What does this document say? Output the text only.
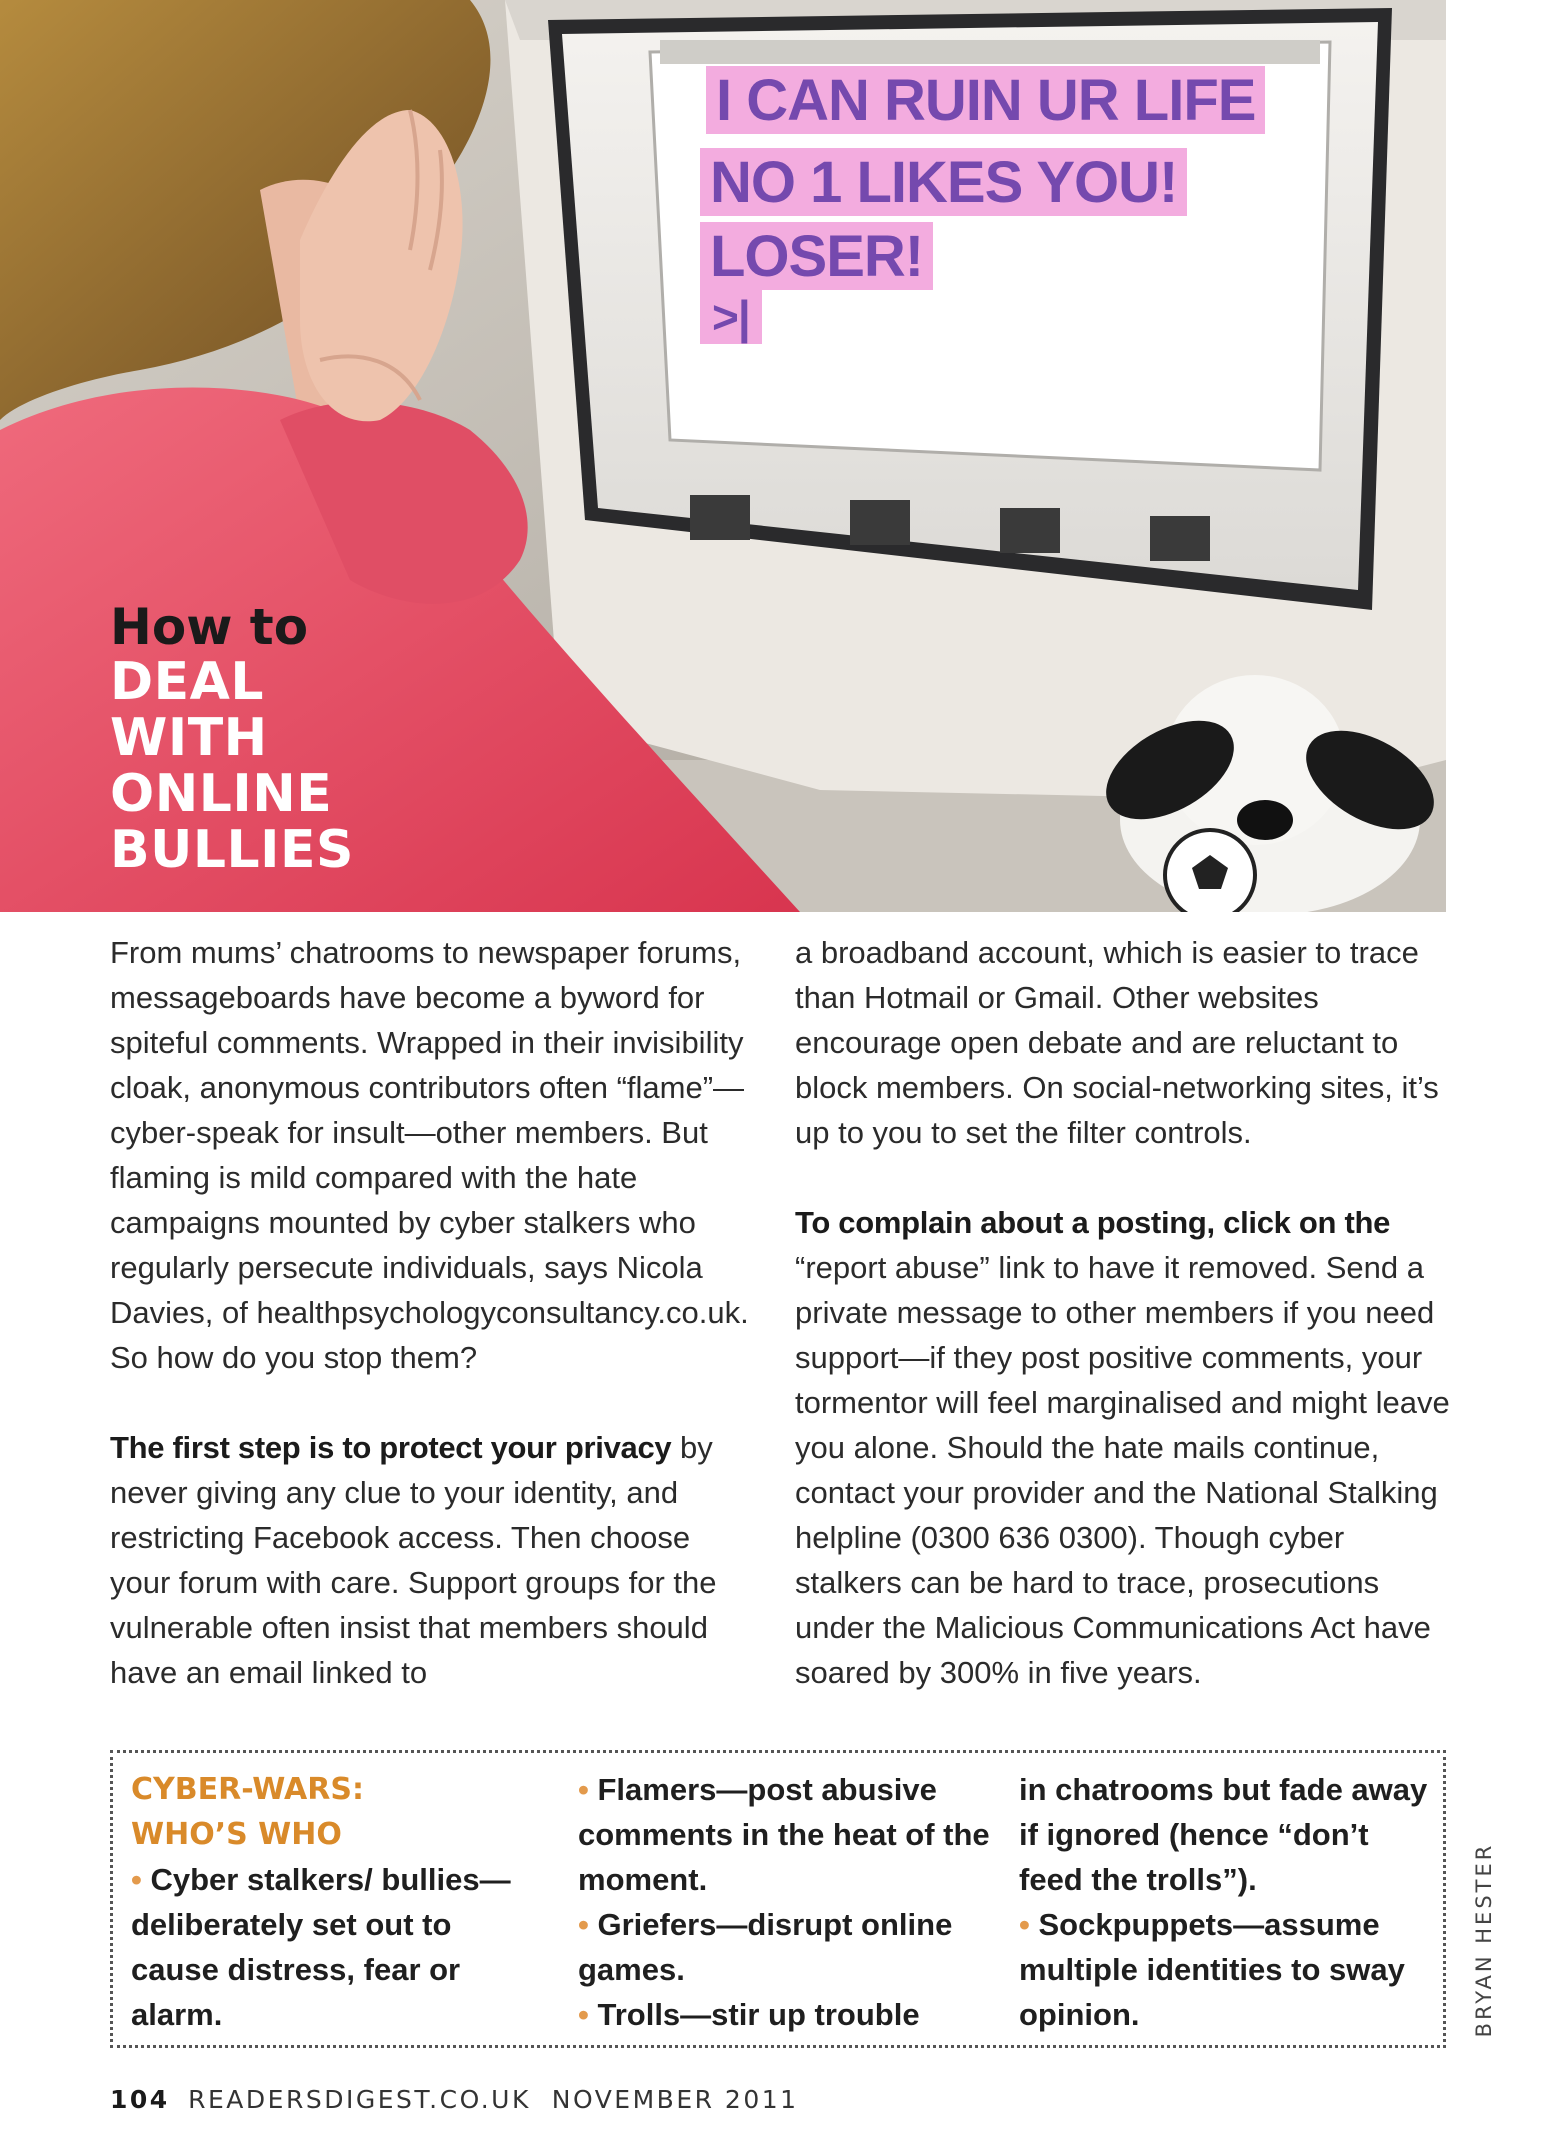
I CAN RUIN UR LIFE
NO 1 LIKES YOU!
LOSER!
>|
How to
DEAL
WITH
ONLINE
BULLIES

From mums’ chatrooms to newspaper forums, messageboards have become a byword for spiteful comments. Wrapped in their invisibility cloak, anonymous contributors often “flame”—cyber-speak for insult—other members. But flaming is mild compared with the hate campaigns mounted by cyber stalkers who regularly persecute individuals, says Nicola Davies, of healthpsychologyconsultancy.co.uk. So how do you stop them?

The first step is to protect your privacy by never giving any clue to your identity, and restricting Facebook access. Then choose your forum with care. Support groups for the vulnerable often insist that members should have an email linked to

a broadband account, which is easier to trace than Hotmail or Gmail. Other websites encourage open debate and are reluctant to block members. On social-networking sites, it’s up to you to set the filter controls.

To complain about a posting, click on the “report abuse” link to have it removed. Send a private message to other members if you need support—if they post positive comments, your tormentor will feel marginalised and might leave you alone. Should the hate mails continue, contact your provider and the National Stalking helpline (0300 636 0300). Though cyber stalkers can be hard to trace, prosecutions under the Malicious Communications Act have soared by 300% in five years.

CYBER-WARS:
WHO’S WHO
• Cyber stalkers/ bullies—deliberately set out to cause distress, fear or alarm.
• Flamers—post abusive comments in the heat of the moment.
• Griefers—disrupt online games.
• Trolls—stir up trouble
in chatrooms but fade away if ignored (hence “don’t feed the trolls”).
• Sockpuppets—assume multiple identities to sway opinion.	BRYAN HESTER
104 READERSDIGEST.CO.UK  NOVEMBER 2011
